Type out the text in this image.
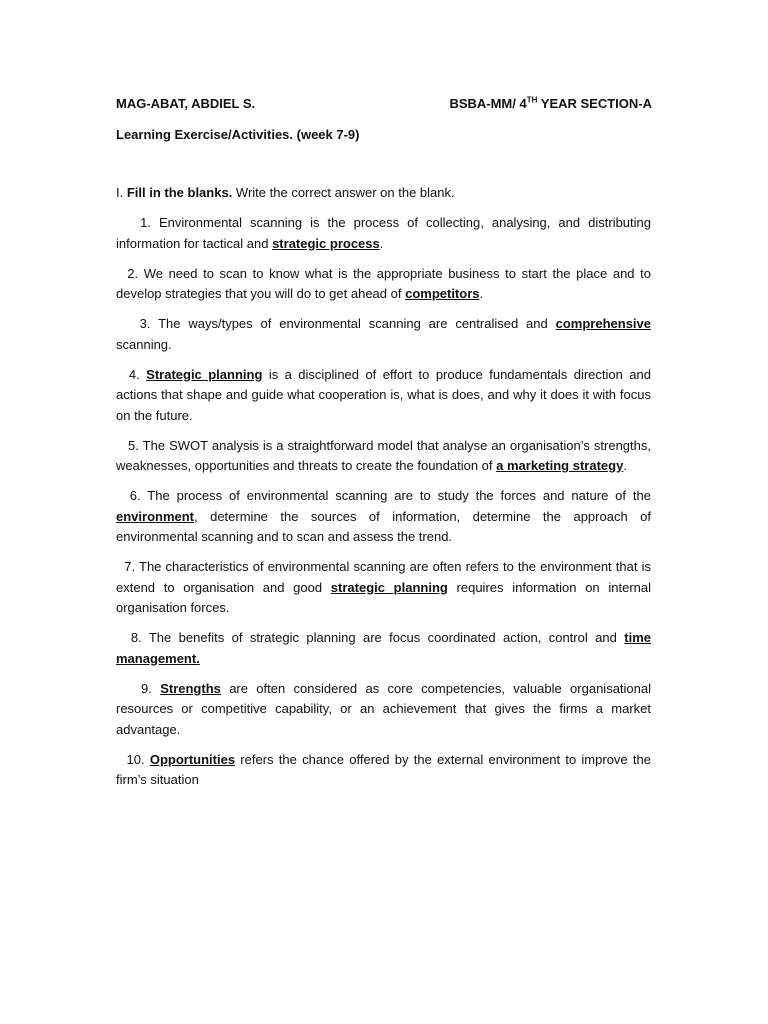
MAG-ABAT, ABDIEL S.	BSBA-MM/ 4TH YEAR SECTION-A
Learning Exercise/Activities. (week 7-9)
I. Fill in the blanks. Write the correct answer on the blank.

1. Environmental scanning is the process of collecting, analysing, and distributing information for tactical and strategic process.

2. We need to scan to know what is the appropriate business to start the place and to develop strategies that you will do to get ahead of competitors.

3. The ways/types of environmental scanning are centralised and comprehensive scanning.

4. Strategic planning is a disciplined of effort to produce fundamentals direction and actions that shape and guide what cooperation is, what is does, and why it does it with focus on the future.

5. The SWOT analysis is a straightforward model that analyse an organisation’s strengths, weaknesses, opportunities and threats to create the foundation of a marketing strategy.

6. The process of environmental scanning are to study the forces and nature of the environment, determine the sources of information, determine the approach of environmental scanning and to scan and assess the trend.

7. The characteristics of environmental scanning are often refers to the environment that is extend to organisation and good strategic planning requires information on internal organisation forces.

8. The benefits of strategic planning are focus coordinated action, control and time management.

9. Strengths are often considered as core competencies, valuable organisational resources or competitive capability, or an achievement that gives the firms a market advantage.

10. Opportunities refers the chance offered by the external environment to improve the firm’s situation
